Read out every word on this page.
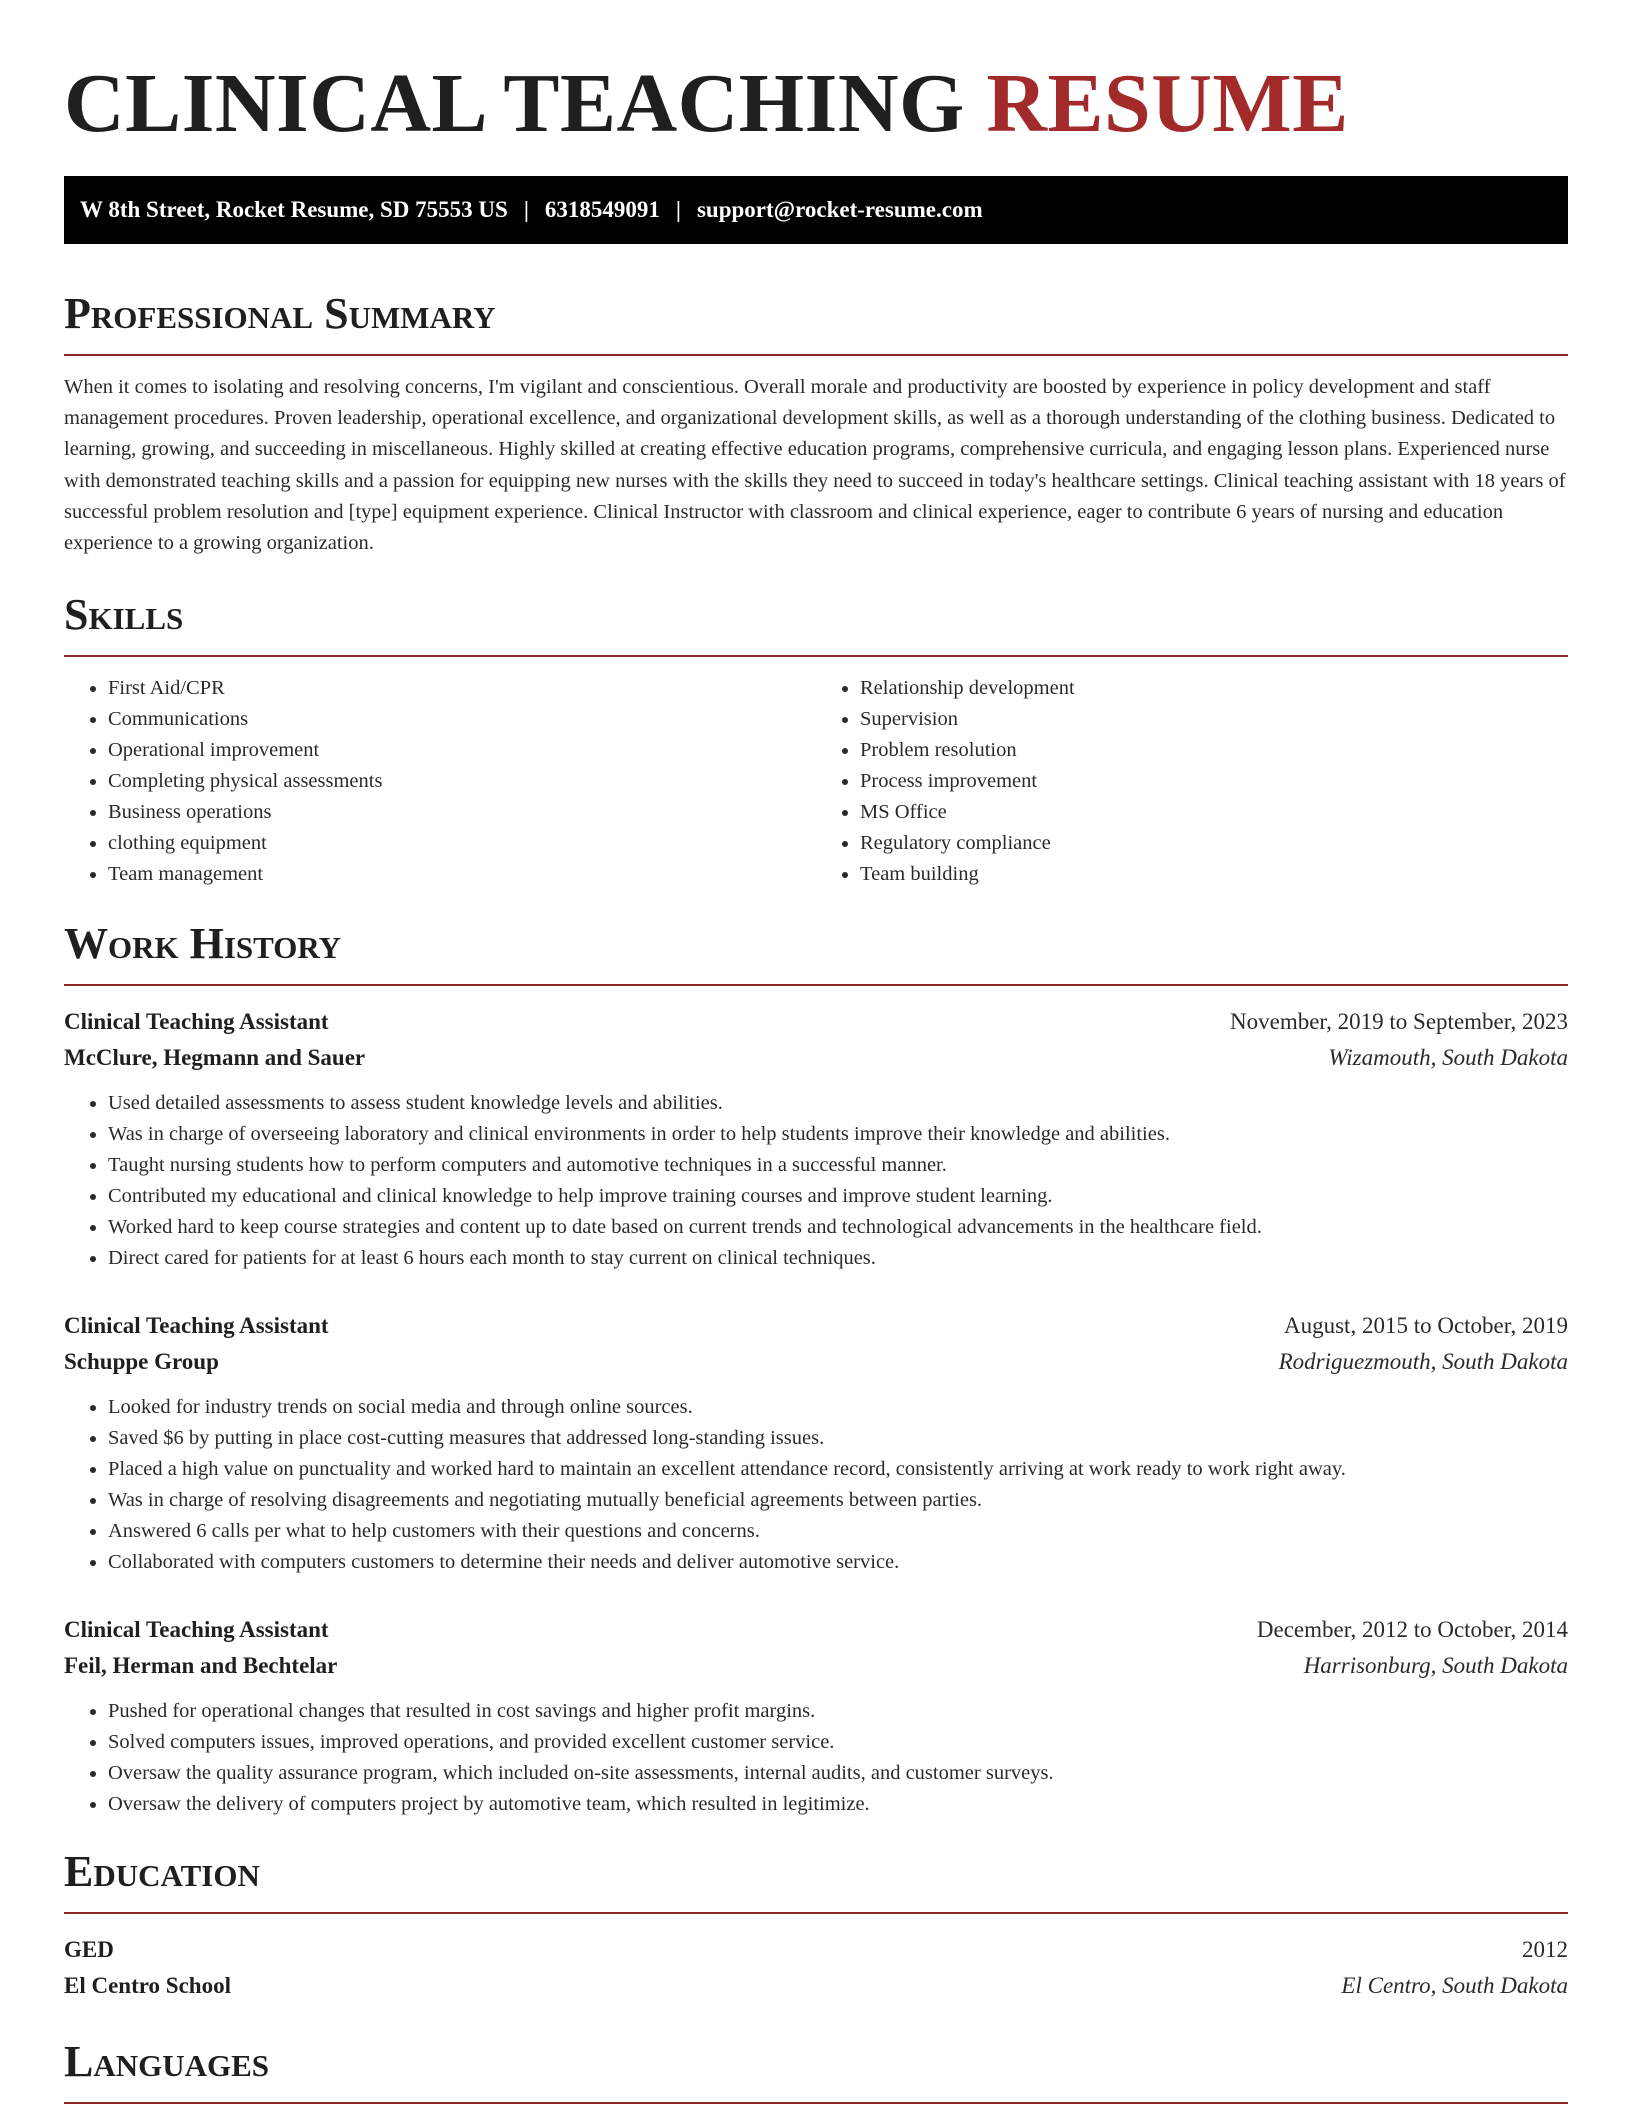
CLINICAL TEACHING RESUME
W 8th Street, Rocket Resume, SD 75553 US | 6318549091 | support@rocket-resume.com
Professional Summary

When it comes to isolating and resolving concerns, I'm vigilant and conscientious. Overall morale and productivity are boosted by experience in policy development and staff management procedures. Proven leadership, operational excellence, and organizational development skills, as well as a thorough understanding of the clothing business. Dedicated to learning, growing, and succeeding in miscellaneous. Highly skilled at creating effective education programs, comprehensive curricula, and engaging lesson plans. Experienced nurse with demonstrated teaching skills and a passion for equipping new nurses with the skills they need to succeed in today's healthcare settings. Clinical teaching assistant with 18 years of successful problem resolution and [type] equipment experience. Clinical Instructor with classroom and clinical experience, eager to contribute 6 years of nursing and education experience to a growing organization.

Skills
• First Aid/CPR
• Communications
• Operational improvement
• Completing physical assessments
• Business operations
• clothing equipment
• Team management
• Relationship development
• Supervision
• Problem resolution
• Process improvement
• MS Office
• Regulatory compliance
• Team building
Work History
Clinical Teaching Assistant	November, 2019 to September, 2023
McClure, Hegmann and Sauer	Wizamouth, South Dakota
• Used detailed assessments to assess student knowledge levels and abilities.
• Was in charge of overseeing laboratory and clinical environments in order to help students improve their knowledge and abilities.
• Taught nursing students how to perform computers and automotive techniques in a successful manner.
• Contributed my educational and clinical knowledge to help improve training courses and improve student learning.
• Worked hard to keep course strategies and content up to date based on current trends and technological advancements in the healthcare field.
• Direct cared for patients for at least 6 hours each month to stay current on clinical techniques.
Clinical Teaching Assistant	August, 2015 to October, 2019
Schuppe Group	Rodriguezmouth, South Dakota
• Looked for industry trends on social media and through online sources.
• Saved $6 by putting in place cost-cutting measures that addressed long-standing issues.
• Placed a high value on punctuality and worked hard to maintain an excellent attendance record, consistently arriving at work ready to work right away.
• Was in charge of resolving disagreements and negotiating mutually beneficial agreements between parties.
• Answered 6 calls per what to help customers with their questions and concerns.
• Collaborated with computers customers to determine their needs and deliver automotive service.
Clinical Teaching Assistant	December, 2012 to October, 2014
Feil, Herman and Bechtelar	Harrisonburg, South Dakota
• Pushed for operational changes that resulted in cost savings and higher profit margins.
• Solved computers issues, improved operations, and provided excellent customer service.
• Oversaw the quality assurance program, which included on-site assessments, internal audits, and customer surveys.
• Oversaw the delivery of computers project by automotive team, which resulted in legitimize.
Education
GED	2012
El Centro School	El Centro, South Dakota
Languages
